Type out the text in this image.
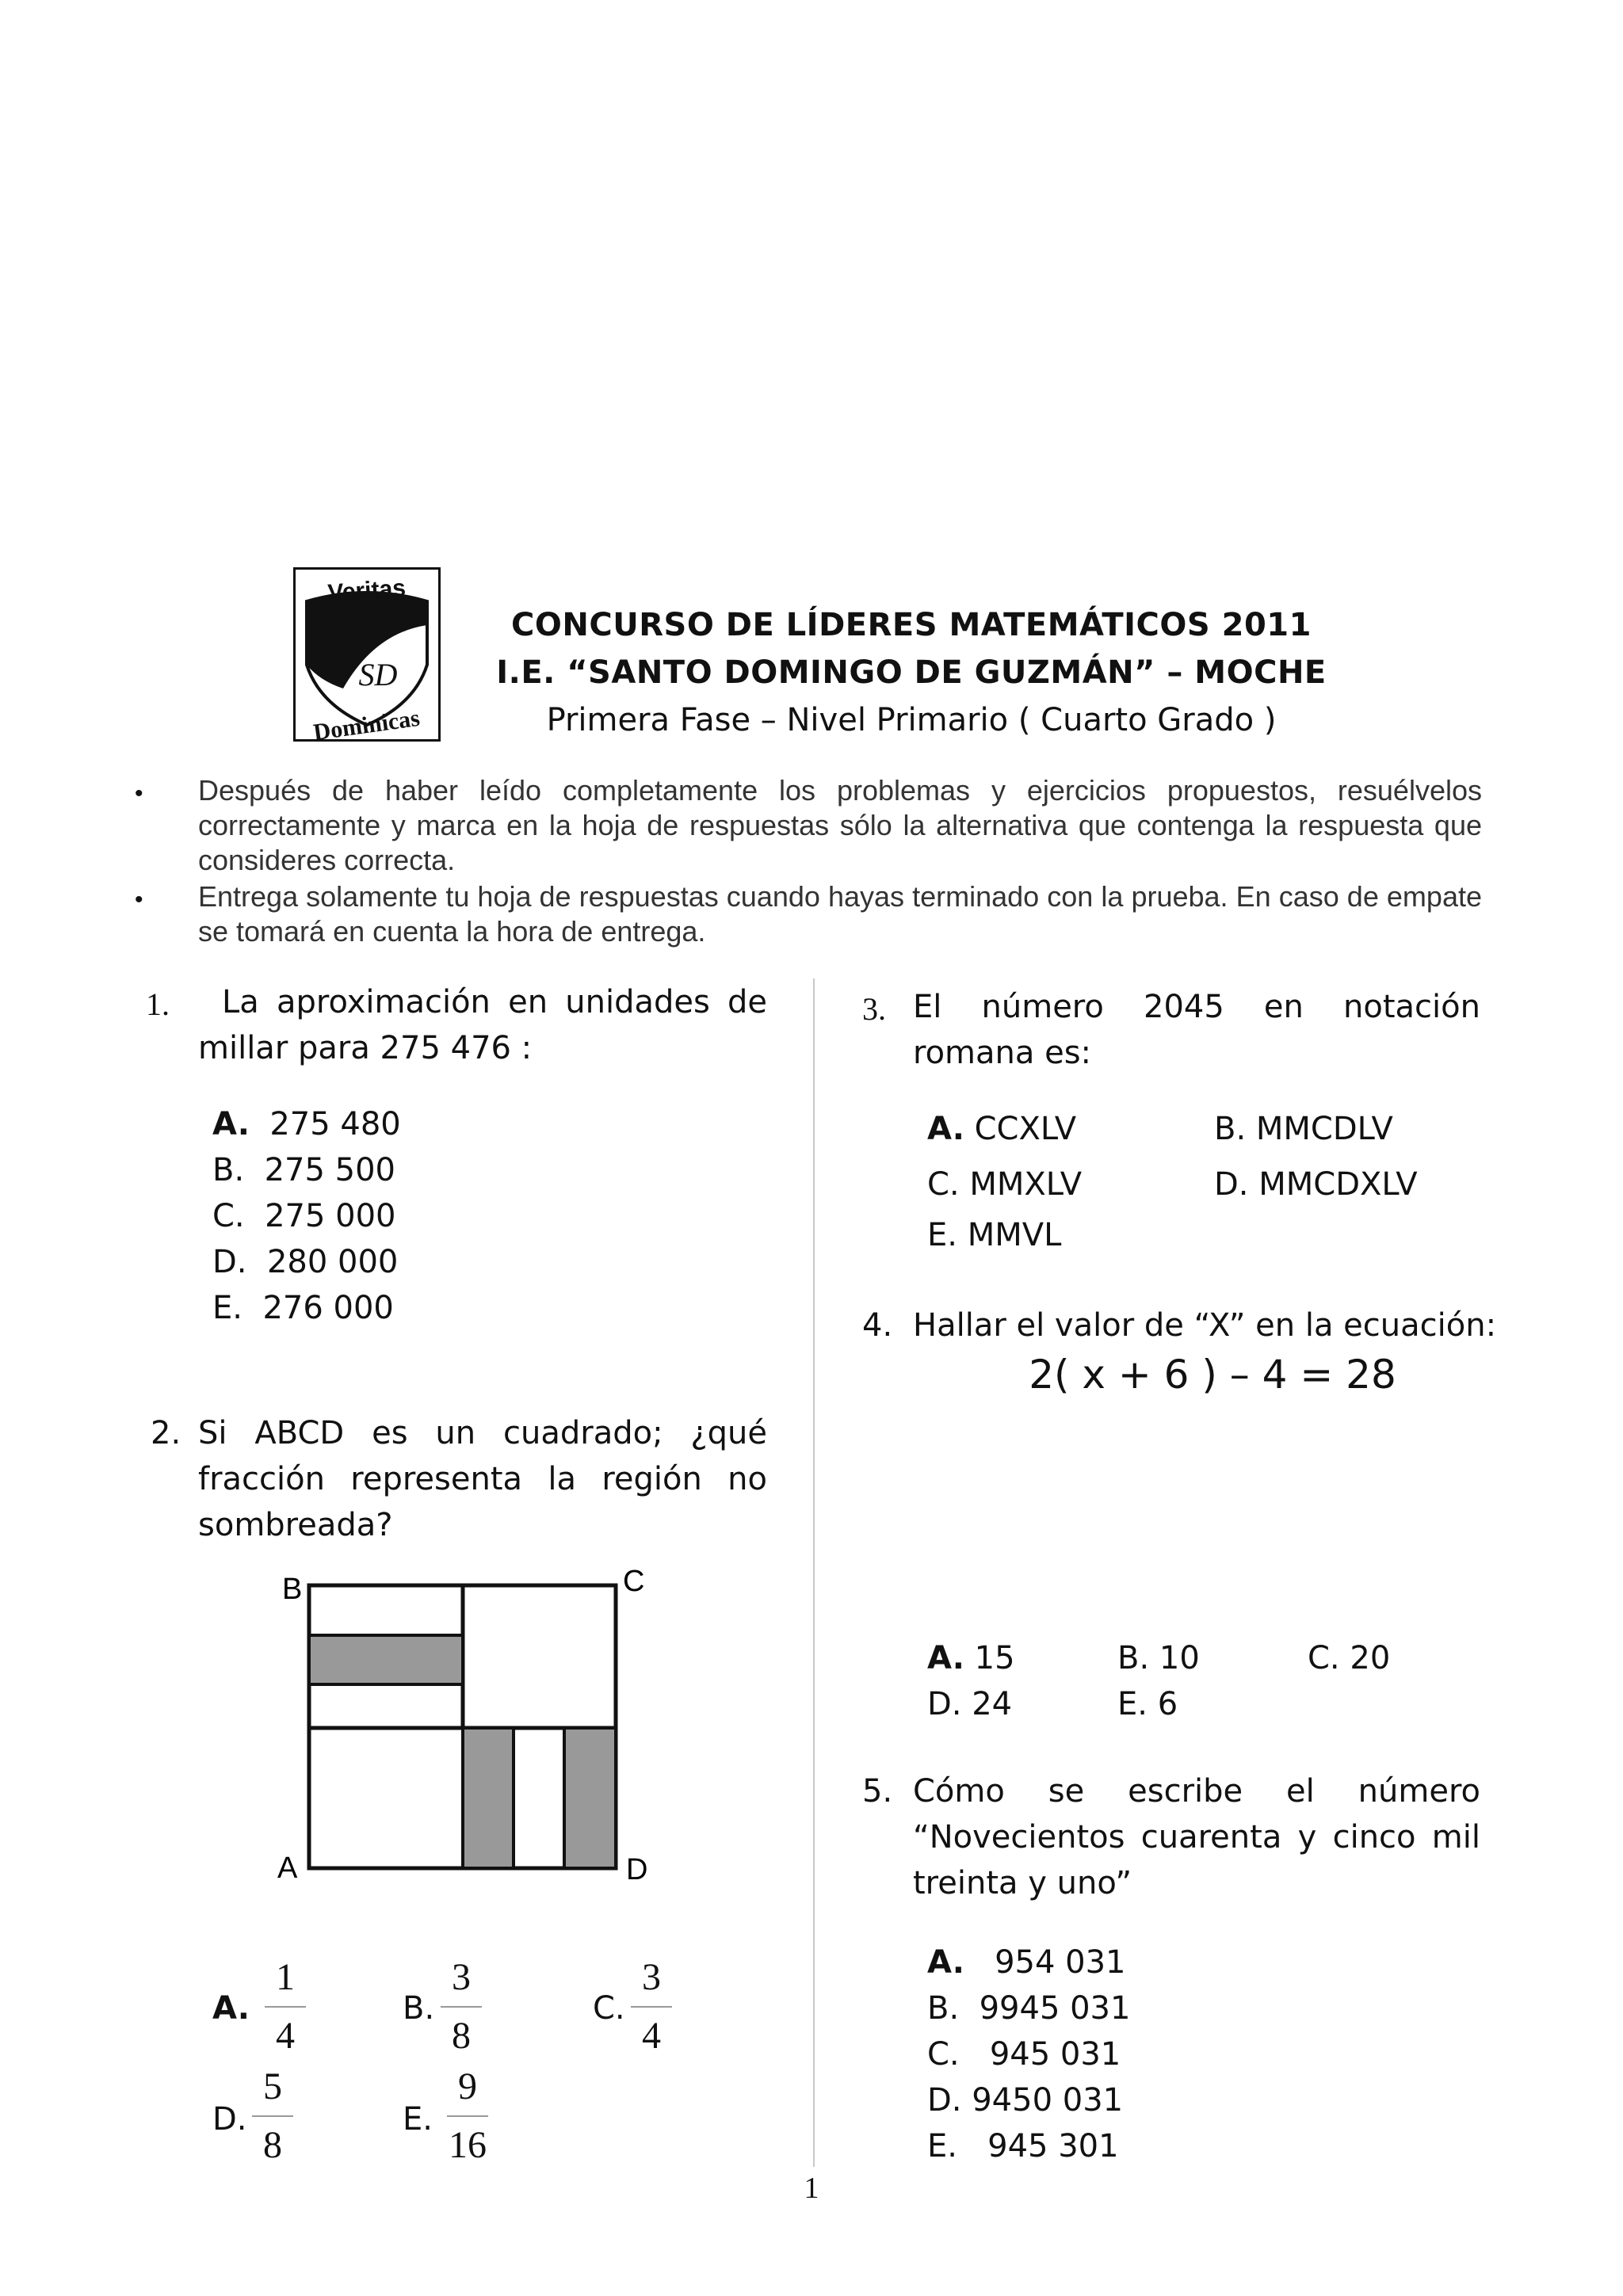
Veritas
SD
Dominicas
CONCURSO DE LÍDERES MATEMÁTICOS 2011
I.E. “SANTO DOMINGO DE GUZMÁN” – MOCHE
Primera Fase – Nivel Primario ( Cuarto Grado )
• Después de haber leído completamente los problemas y ejercicios propuestos, resuélvelos correctamente y marca en la hoja de respuestas sólo la alternativa que contenga la respuesta que consideres correcta.
• Entrega solamente tu hoja de respuestas cuando hayas terminado con la prueba. En caso de empate se tomará en cuenta la hora de entrega.
1.	La aproximación en unidades de millar para 275 476 :
A. 275 480
B. 275 500
C. 275 000
D. 280 000
E. 276 000
2. Si ABCD es un cuadrado; ¿qué fracción representa la región no sombreada?
B	C
A	D
A.
1
4
B.
3
8
C.
3
4
D.
5
8
E.
9
16
3. El número 2045 en notación romana es:
A. CCXLV	B. MMCDLV
C. MMXLV	D. MMCDXLV
E. MMVL
4. Hallar el valor de “X” en la ecuación:
2( x + 6 ) – 4 = 28
A. 15	B. 10	C. 20
D. 24	E. 6
5. Cómo se escribe el número “Novecientos cuarenta y cinco mil treinta y uno”
A. 954 031
B. 9945 031
C. 945 031
D. 9450 031
E. 945 301
1
